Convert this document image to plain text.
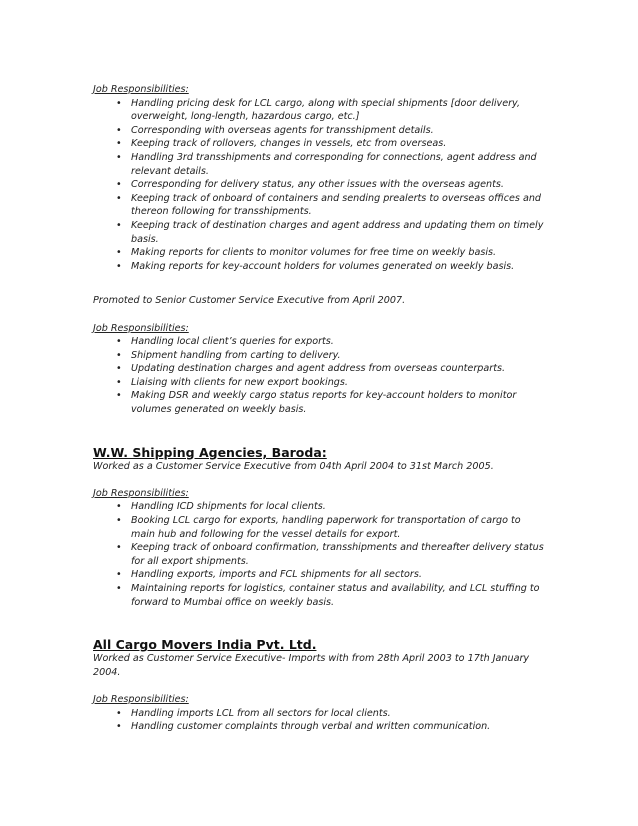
Job Responsibilities:

• Handling pricing desk for LCL cargo, along with special shipments [door delivery, overweight, long-length, hazardous cargo, etc.]
• Corresponding with overseas agents for transshipment details.
• Keeping track of rollovers, changes in vessels, etc from overseas.
• Handling 3rd transshipments and corresponding for connections, agent address and relevant details.
• Corresponding for delivery status, any other issues with the overseas agents.
• Keeping track of onboard of containers and sending prealerts to overseas offices and thereon following for transshipments.
• Keeping track of destination charges and agent address and updating them on timely basis.
• Making reports for clients to monitor volumes for free time on weekly basis.
• Making reports for key-account holders for volumes generated on weekly basis.

Promoted to Senior Customer Service Executive from April 2007.

Job Responsibilities:

• Handling local client’s queries for exports.
• Shipment handling from carting to delivery.
• Updating destination charges and agent address from overseas counterparts.
• Liaising with clients for new export bookings.
• Making DSR and weekly cargo status reports for key-account holders to monitor volumes generated on weekly basis.

W.W. Shipping Agencies, Baroda:

Worked as a Customer Service Executive from 04th April 2004 to 31st March 2005.

Job Responsibilities:

• Handling ICD shipments for local clients.
• Booking LCL cargo for exports, handling paperwork for transportation of cargo to main hub and following for the vessel details for export.
• Keeping track of onboard confirmation, transshipments and thereafter delivery status for all export shipments.
• Handling exports, imports and FCL shipments for all sectors.
• Maintaining reports for logistics, container status and availability, and LCL stuffing to forward to Mumbai office on weekly basis.

All Cargo Movers India Pvt. Ltd.

Worked as Customer Service Executive- Imports with from 28th April 2003 to 17th January 2004.

Job Responsibilities:

• Handling imports LCL from all sectors for local clients.
• Handling customer complaints through verbal and written communication.
